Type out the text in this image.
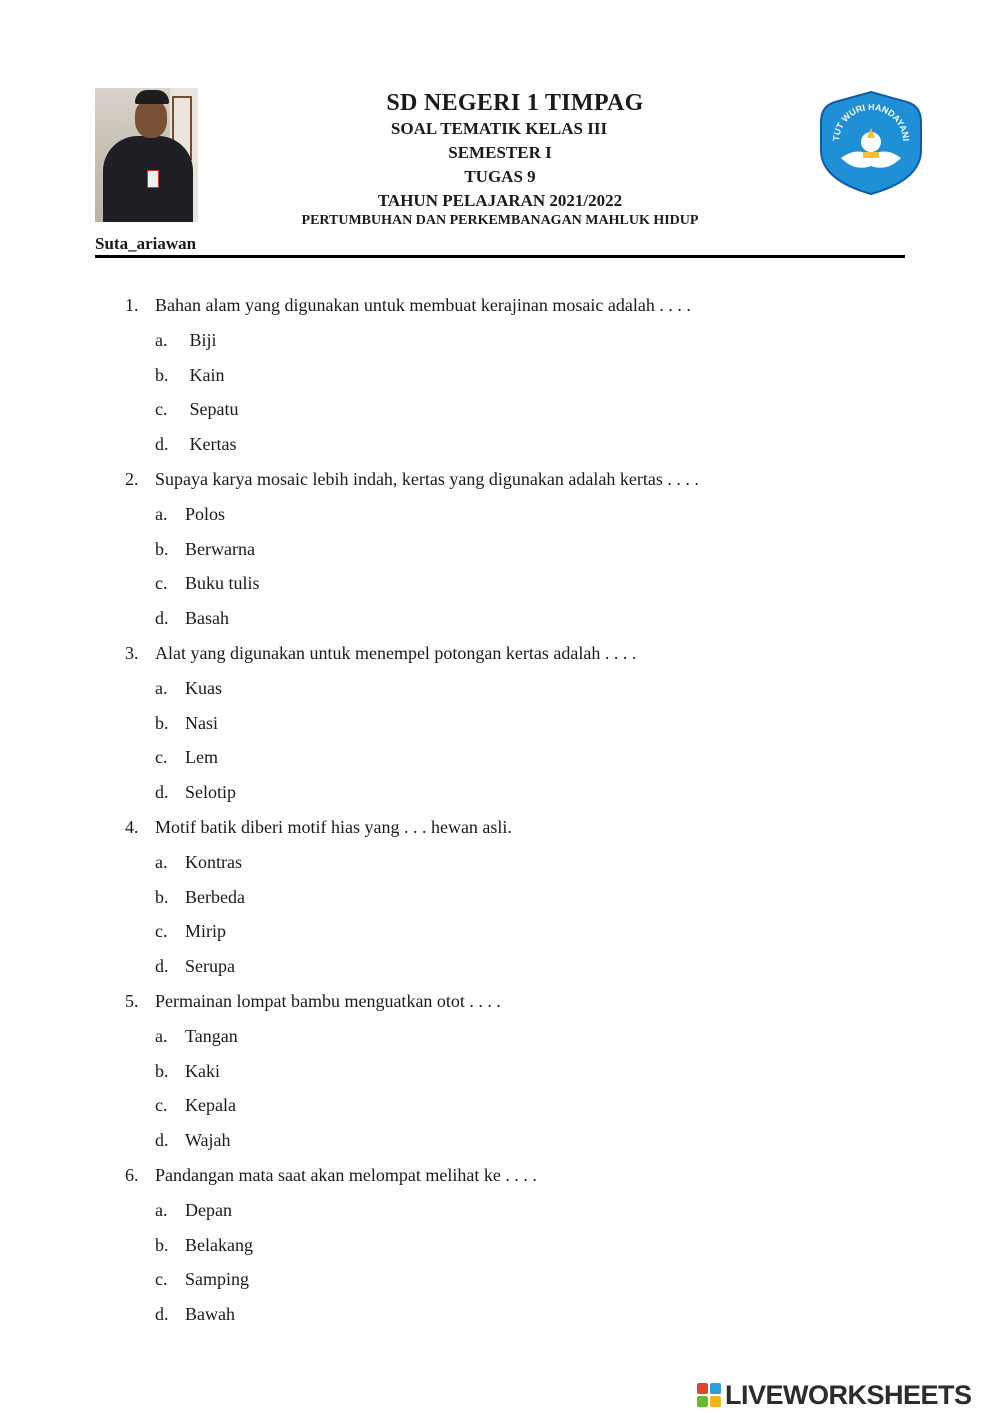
SD NEGERI 1 TIMPAG
SOAL TEMATIK KELAS III
SEMESTER I
TUGAS 9
TAHUN PELAJARAN 2021/2022
PERTUMBUHAN DAN PERKEMBANAGAN MAHLUK HIDUP
TUT WURI HANDAYANI
Suta_ariawan
1. Bahan alam yang digunakan untuk membuat kerajinan mosaic adalah . . . .
a. Biji
b. Kain
c. Sepatu
d. Kertas
2. Supaya karya mosaic lebih indah, kertas yang digunakan adalah kertas . . . .
a. Polos
b. Berwarna
c. Buku tulis
d. Basah
3. Alat yang digunakan untuk menempel potongan kertas adalah . . . .
a. Kuas
b. Nasi
c. Lem
d. Selotip
4. Motif batik diberi motif hias yang . . . hewan asli.
a. Kontras
b. Berbeda
c. Mirip
d. Serupa
5. Permainan lompat bambu menguatkan otot . . . .
a. Tangan
b. Kaki
c. Kepala
d. Wajah
6. Pandangan mata saat akan melompat melihat ke . . . .
a. Depan
b. Belakang
c. Samping
d. Bawah
LIVEWORKSHEETS
